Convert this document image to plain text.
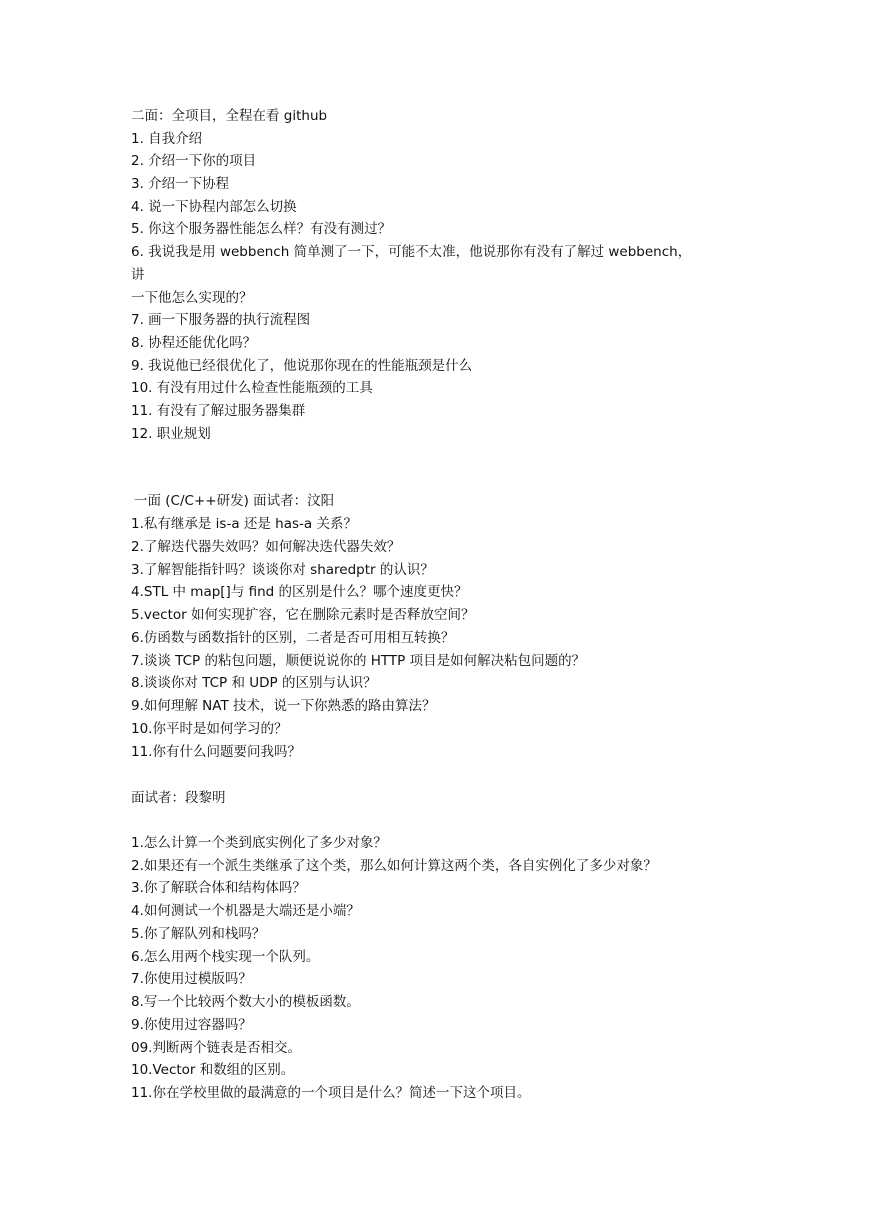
二面：全项目，全程在看 github
1. 自我介绍
2. 介绍一下你的项目
3. 介绍一下协程
4. 说一下协程内部怎么切换
5. 你这个服务器性能怎么样？有没有测过？
6. 我说我是用 webbench 简单测了一下，可能不太准，他说那你有没有了解过 webbench，
讲
一下他怎么实现的？
7. 画一下服务器的执行流程图
8. 协程还能优化吗？
9. 我说他已经很优化了，他说那你现在的性能瓶颈是什么
10. 有没有用过什么检查性能瓶颈的工具
11. 有没有了解过服务器集群
12. 职业规划
一面 (C/C++研发) 面试者：汶阳
1.私有继承是 is-a 还是 has-a 关系？
2.了解迭代器失效吗？如何解决迭代器失效？
3.了解智能指针吗？谈谈你对 sharedptr 的认识？
4.STL 中 map[]与 find 的区别是什么？哪个速度更快？
5.vector 如何实现扩容，它在删除元素时是否释放空间？
6.仿函数与函数指针的区别，二者是否可用相互转换？
7.谈谈 TCP 的粘包问题，顺便说说你的 HTTP 项目是如何解决粘包问题的？
8.谈谈你对 TCP 和 UDP 的区别与认识？
9.如何理解 NAT 技术，说一下你熟悉的路由算法？
10.你平时是如何学习的？
11.你有什么问题要问我吗？
面试者：段黎明
1.怎么计算一个类到底实例化了多少对象？
2.如果还有一个派生类继承了这个类，那么如何计算这两个类，各自实例化了多少对象？
3.你了解联合体和结构体吗？
4.如何测试一个机器是大端还是小端？
5.你了解队列和栈吗？
6.怎么用两个栈实现一个队列。
7.你使用过模版吗？
8.写一个比较两个数大小的模板函数。
9.你使用过容器吗？
09.判断两个链表是否相交。
10.Vector 和数组的区别。
11.你在学校里做的最满意的一个项目是什么？简述一下这个项目。
